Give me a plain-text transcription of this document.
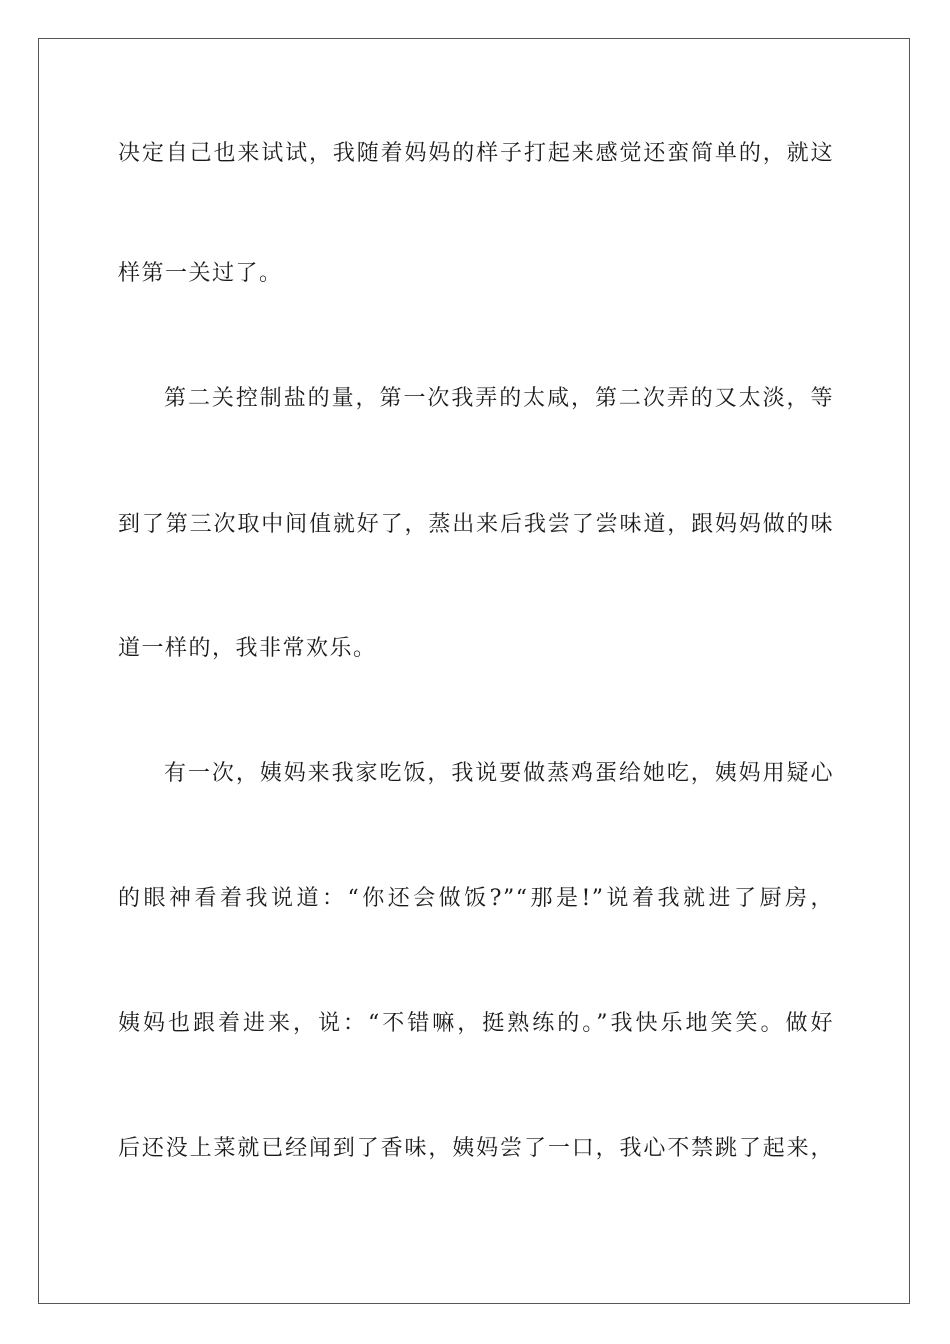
决定自己也来试试，我随着妈妈的样子打起来感觉还蛮简单的，就这
样第一关过了。
第二关控制盐的量，第一次我弄的太咸，第二次弄的又太淡，等
到了第三次取中间值就好了，蒸出来后我尝了尝味道，跟妈妈做的味
道一样的，我非常欢乐。
有一次，姨妈来我家吃饭，我说要做蒸鸡蛋给她吃，姨妈用疑心
的眼神看着我说道：“你还会做饭?”“那是!”说着我就进了厨房，
姨妈也跟着进来，说：“不错嘛，挺熟练的。”我快乐地笑笑。做好
后还没上菜就已经闻到了香味，姨妈尝了一口，我心不禁跳了起来，
